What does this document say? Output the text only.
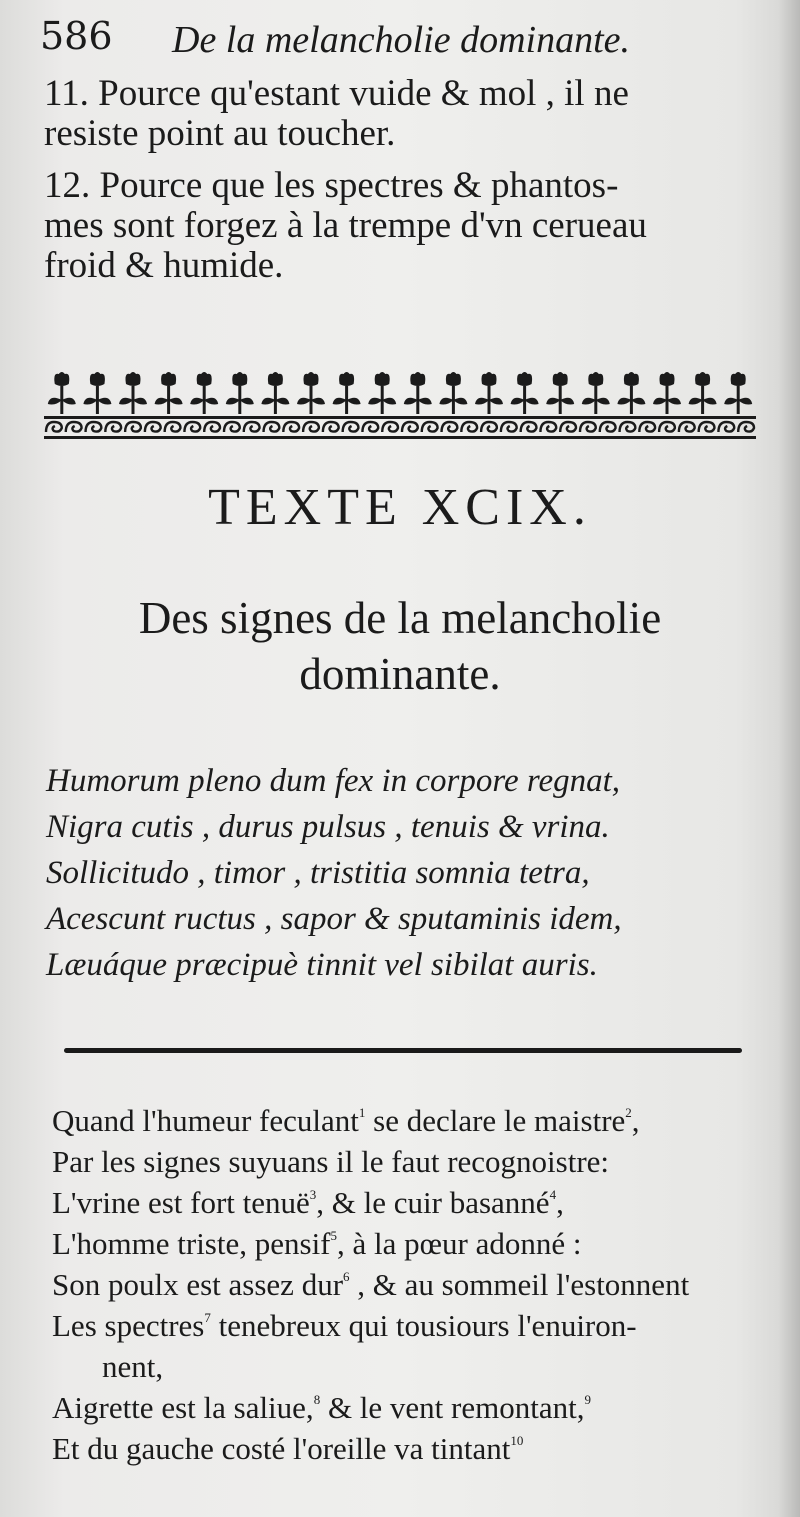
586 De la melancholie dominante.
11. Pource qu'estant vuide & mol , il ne
resiste point au toucher.
12. Pource que les spectres & phantos-
mes sont forgez à la trempe d'vn cerueau
froid & humide.
TEXTE XCIX.
Des signes de la melancholie
dominante.
Humorum pleno dum fex in corpore regnat,
Nigra cutis , durus pulsus , tenuis & vrina.
Sollicitudo , timor , tristitia somnia tetra,
Acescunt ructus , sapor & sputaminis idem,
Læuáque præcipuè tinnit vel sibilat auris.
Quand l'humeur feculant$^1$ se declare le maistre$^2$,
Par les signes suyuans il le faut recognoistre:
L'vrine est fort tenuë$^3$, & le cuir basanné$^4$,
L'homme triste, pensif$^5$, à la pœur adonné :
Son poulx est assez dur$^6$ , & au sommeil l'estonnent
Les spectres$^7$ tenebreux qui tousiours l'enuiron-
nent,
Aigrette est la saliue,$^8$ & le vent remontant,$^9$
Et du gauche costé l'oreille va tintant$^{10}$
